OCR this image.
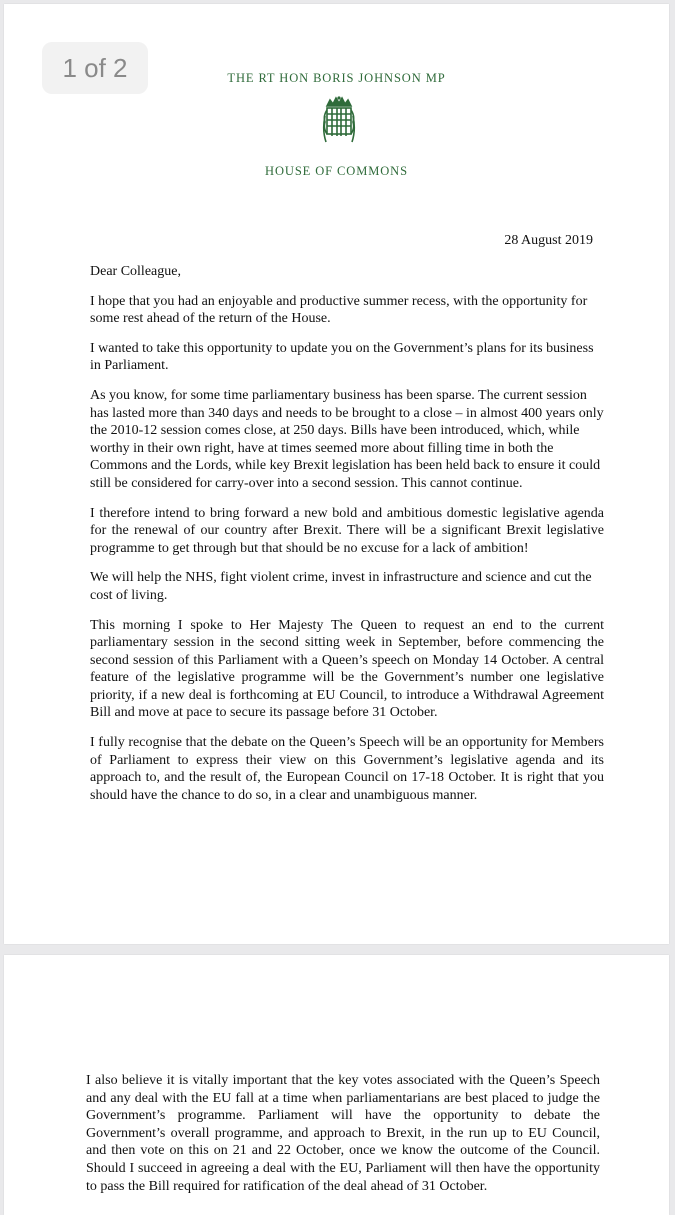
1 of 2	THE RT HON BORIS JOHNSON MP
HOUSE OF COMMONS
28 August 2019

Dear Colleague,

I hope that you had an enjoyable and productive summer recess, with the opportunity for some rest ahead of the return of the House.

I wanted to take this opportunity to update you on the Government’s plans for its business in Parliament.

As you know, for some time parliamentary business has been sparse. The current session has lasted more than 340 days and needs to be brought to a close – in almost 400 years only the 2010-12 session comes close, at 250 days. Bills have been introduced, which, while worthy in their own right, have at times seemed more about filling time in both the Commons and the Lords, while key Brexit legislation has been held back to ensure it could still be considered for carry-over into a second session. This cannot continue.

I therefore intend to bring forward a new bold and ambitious domestic legislative agenda for the renewal of our country after Brexit. There will be a significant Brexit legislative programme to get through but that should be no excuse for a lack of ambition!

We will help the NHS, fight violent crime, invest in infrastructure and science and cut the cost of living.

This morning I spoke to Her Majesty The Queen to request an end to the current parliamentary session in the second sitting week in September, before commencing the second session of this Parliament with a Queen’s speech on Monday 14 October. A central feature of the legislative programme will be the Government’s number one legislative priority, if a new deal is forthcoming at EU Council, to introduce a Withdrawal Agreement Bill and move at pace to secure its passage before 31 October.

I fully recognise that the debate on the Queen’s Speech will be an opportunity for Members of Parliament to express their view on this Government’s legislative agenda and its approach to, and the result of, the European Council on 17-18 October. It is right that you should have the chance to do so, in a clear and unambiguous manner.

I also believe it is vitally important that the key votes associated with the Queen’s Speech and any deal with the EU fall at a time when parliamentarians are best placed to judge the Government’s programme. Parliament will have the opportunity to debate the Government’s overall programme, and approach to Brexit, in the run up to EU Council, and then vote on this on 21 and 22 October, once we know the outcome of the Council. Should I succeed in agreeing a deal with the EU, Parliament will then have the opportunity to pass the Bill required for ratification of the deal ahead of 31 October.
